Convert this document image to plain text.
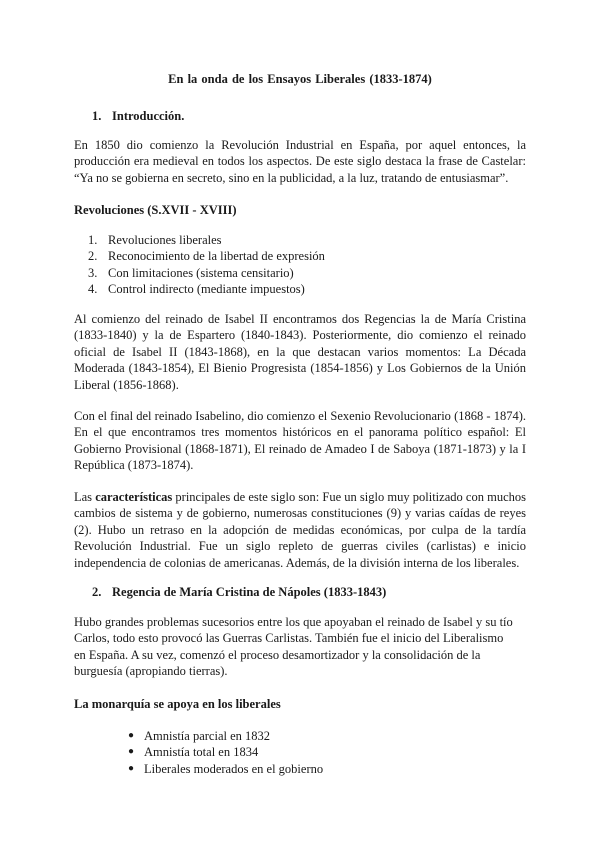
En la onda de los Ensayos Liberales (1833-1874)
1. Introducción.

En 1850 dio comienzo la Revolución Industrial en España, por aquel entonces, la producción era medieval en todos los aspectos. De este siglo destaca la frase de Castelar: “Ya no se gobierna en secreto, sino en la publicidad, a la luz, tratando de entusiasmar”.

Revoluciones (S.XVII - XVIII)
1. Revoluciones liberales
2. Reconocimiento de la libertad de expresión
3. Con limitaciones (sistema censitario)
4. Control indirecto (mediante impuestos)

Al comienzo del reinado de Isabel II encontramos dos Regencias la de María Cristina (1833-1840) y la de Espartero (1840-1843). Posteriormente, dio comienzo el reinado oficial de Isabel II (1843-1868), en la que destacan varios momentos: La Década Moderada (1843-1854), El Bienio Progresista (1854-1856) y Los Gobiernos de la Unión Liberal (1856-1868).

Con el final del reinado Isabelino, dio comienzo el Sexenio Revolucionario (1868 - 1874). En el que encontramos tres momentos históricos en el panorama político español: El Gobierno Provisional (1868-1871), El reinado de Amadeo I de Saboya (1871-1873) y la I República (1873-1874).

Las características principales de este siglo son: Fue un siglo muy politizado con muchos cambios de sistema y de gobierno, numerosas constituciones (9) y varias caídas de reyes (2). Hubo un retraso en la adopción de medidas económicas, por culpa de la tardía Revolución Industrial. Fue un siglo repleto de guerras civiles (carlistas) e inicio independencia de colonias de americanas. Además, de la división interna de los liberales.

2. Regencia de María Cristina de Nápoles (1833-1843)

Hubo grandes problemas sucesorios entre los que apoyaban el reinado de Isabel y su tío Carlos, todo esto provocó las Guerras Carlistas. También fue el inicio del Liberalismo en España. A su vez, comenzó el proceso desamortizador y la consolidación de la burguesía (apropiando tierras).

La monarquía se apoya en los liberales
● Amnistía parcial en 1832
● Amnistía total en 1834
● Liberales moderados en el gobierno
